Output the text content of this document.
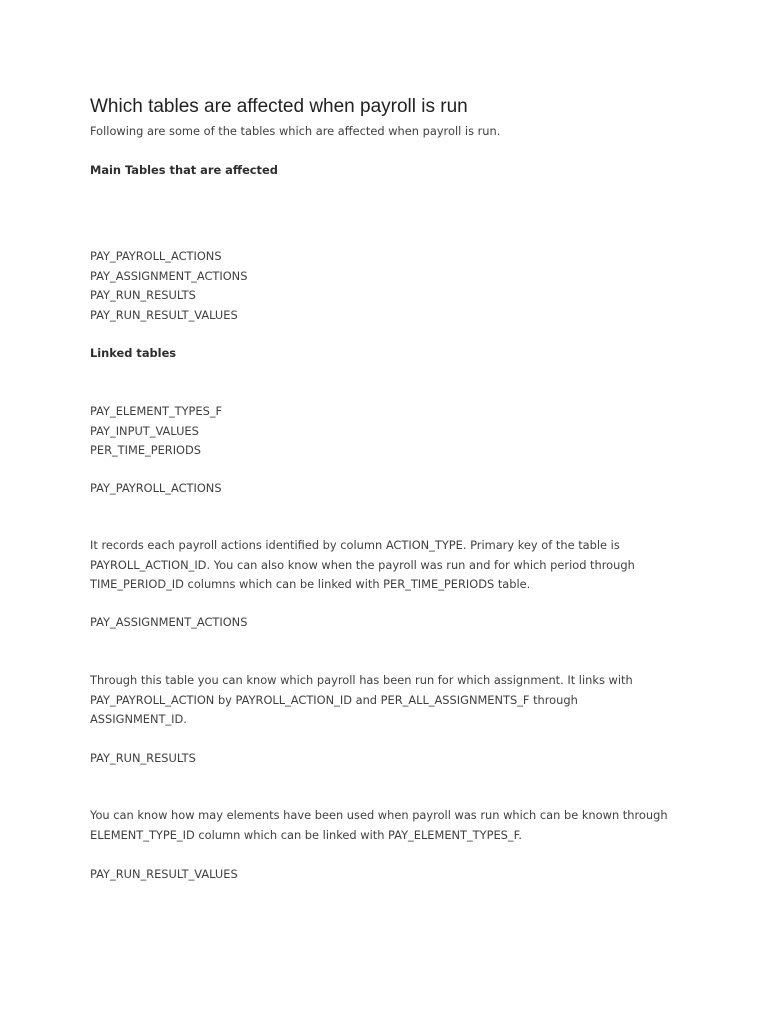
Which tables are affected when payroll is run

Following are some of the tables which are affected when payroll is run.

Main Tables that are affected

PAY_PAYROLL_ACTIONS
PAY_ASSIGNMENT_ACTIONS
PAY_RUN_RESULTS
PAY_RUN_RESULT_VALUES

Linked tables

PAY_ELEMENT_TYPES_F
PAY_INPUT_VALUES
PER_TIME_PERIODS

PAY_PAYROLL_ACTIONS

It records each payroll actions identified by column ACTION_TYPE. Primary key of the table is
PAYROLL_ACTION_ID. You can also know when the payroll was run and for which period through
TIME_PERIOD_ID columns which can be linked with PER_TIME_PERIODS table.

PAY_ASSIGNMENT_ACTIONS

Through this table you can know which payroll has been run for which assignment. It links with
PAY_PAYROLL_ACTION by PAYROLL_ACTION_ID and PER_ALL_ASSIGNMENTS_F through
ASSIGNMENT_ID.

PAY_RUN_RESULTS

You can know how may elements have been used when payroll was run which can be known through
ELEMENT_TYPE_ID column which can be linked with PAY_ELEMENT_TYPES_F.

PAY_RUN_RESULT_VALUES
